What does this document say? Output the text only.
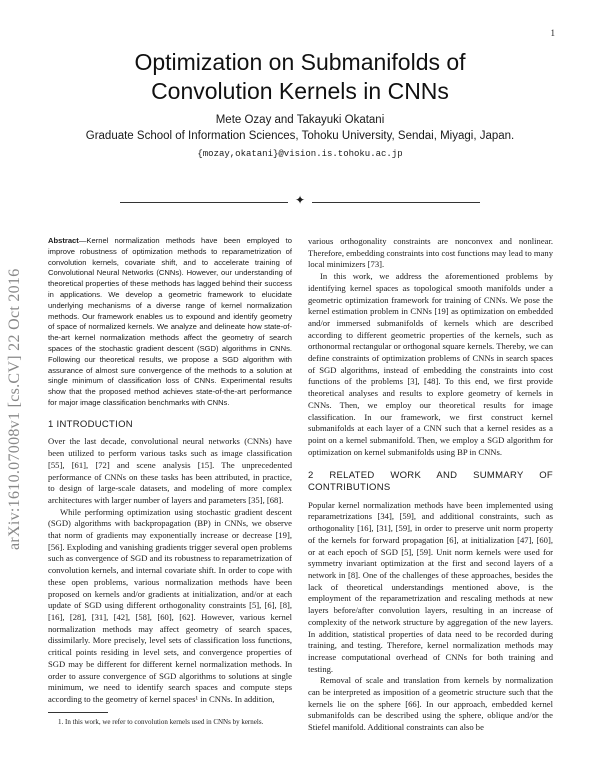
1
Optimization on Submanifolds of
Convolution Kernels in CNNs
Mete Ozay and Takayuki Okatani
Graduate School of Information Sciences, Tohoku University, Sendai, Miyagi, Japan.
{mozay,okatani}@vision.is.tohoku.ac.jp
✦
arXiv:1610.07008v1 [cs.CV] 22 Oct 2016

Abstract—Kernel normalization methods have been employed to improve robustness of optimization methods to reparametrization of convolution kernels, covariate shift, and to accelerate training of Convolutional Neural Networks (CNNs). However, our understanding of theoretical properties of these methods has lagged behind their success in applications. We develop a geometric framework to elucidate underlying mechanisms of a diverse range of kernel normalization methods. Our framework enables us to expound and identify geometry of space of normalized kernels. We analyze and delineate how state-of-the-art kernel normalization methods affect the geometry of search spaces of the stochastic gradient descent (SGD) algorithms in CNNs. Following our theoretical results, we propose a SGD algorithm with assurance of almost sure convergence of the methods to a solution at single minimum of classification loss of CNNs. Experimental results show that the proposed method achieves state-of-the-art performance for major image classification benchmarks with CNNs.

1 INTRODUCTION

Over the last decade, convolutional neural networks (CNNs) have been utilized to perform various tasks such as image classification [55], [61], [72] and scene analysis [15]. The unprecedented performance of CNNs on these tasks has been attributed, in practice, to design of large-scale datasets, and modeling of more complex architectures with larger number of layers and parameters [35], [68].

While performing optimization using stochastic gradient descent (SGD) algorithms with backpropagation (BP) in CNNs, we observe that norm of gradients may exponentially increase or decrease [19], [56]. Exploding and vanishing gradients trigger several open problems such as convergence of SGD and its robustness to reparametrization of convolution kernels, and internal covariate shift. In order to cope with these open problems, various normalization methods have been proposed on kernels and/or gradients at initialization, and/or at each update of SGD using different orthogonality constraints [5], [6], [8], [16], [28], [31], [42], [58], [60], [62]. However, various kernel normalization methods may affect geometry of search spaces, dissimilarly. More precisely, level sets of classification loss functions, critical points residing in level sets, and convergence properties of SGD may be different for different kernel normalization methods. In order to assure convergence of SGD algorithms to solutions at single minimum, we need to identify search spaces and compute steps according to the geometry of kernel spaces¹ in CNNs. In addition,

1. In this work, we refer to convolution kernels used in CNNs by kernels.

various orthogonality constraints are nonconvex and nonlinear. Therefore, embedding constraints into cost functions may lead to many local minimizers [73].

In this work, we address the aforementioned problems by identifying kernel spaces as topological smooth manifolds under a geometric optimization framework for training of CNNs. We pose the kernel estimation problem in CNNs [19] as optimization on embedded and/or immersed submanifolds of kernels which are described according to different geometric properties of the kernels, such as orthonormal rectangular or orthogonal square kernels. Thereby, we can define constraints of optimization problems of CNNs in search spaces of SGD algorithms, instead of embedding the constraints into cost functions of the problems [3], [48]. To this end, we first provide theoretical analyses and results to explore geometry of kernels in CNNs. Then, we employ our theoretical results for image classification. In our framework, we first construct kernel submanifolds at each layer of a CNN such that a kernel resides as a point on a kernel submanifold. Then, we employ a SGD algorithm for optimization on kernel submanifolds using BP in CNNs.

2 RELATED WORK AND SUMMARY OF CONTRIBUTIONS

Popular kernel normalization methods have been implemented using reparametrizations [34], [59], and additional constraints, such as orthogonality [16], [31], [59], in order to preserve unit norm property of the kernels for forward propagation [6], at initialization [47], [60], or at each epoch of SGD [5], [59]. Unit norm kernels were used for symmetry invariant optimization at the first and second layers of a network in [8]. One of the challenges of these approaches, besides the lack of theoretical understandings mentioned above, is the employment of the reparametrization and rescaling methods at new layers before/after convolution layers, resulting in an increase of complexity of the network structure by aggregation of the new layers. In addition, statistical properties of data need to be recorded during training, and testing. Therefore, kernel normalization methods may increase computational overhead of CNNs for both training and testing.

Removal of scale and translation from kernels by normalization can be interpreted as imposition of a geometric structure such that the kernels lie on the sphere [66]. In our approach, embedded kernel submanifolds can be described using the sphere, oblique and/or the Stiefel manifold. Additional constraints can also be
